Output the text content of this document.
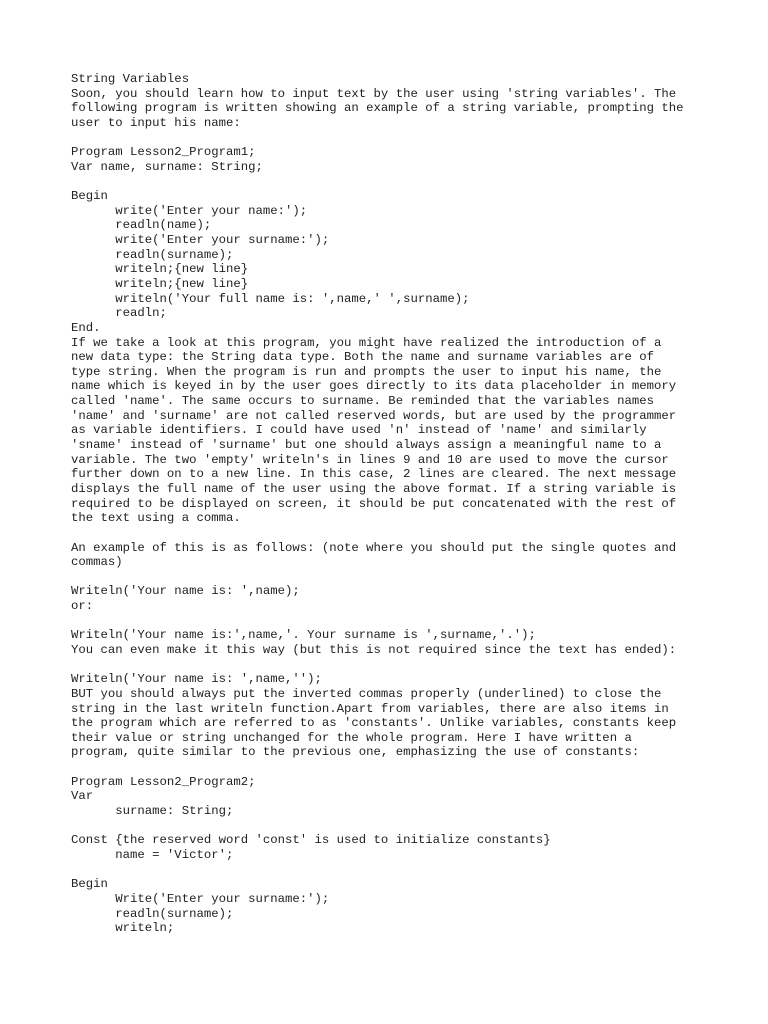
String Variables
Soon, you should learn how to input text by the user using 'string variables'. The
following program is written showing an example of a string variable, prompting the
user to input his name:
Program Lesson2_Program1;
Var name, surname: String;
Begin
write('Enter your name:');
readln(name);
write('Enter your surname:');
readln(surname);
writeln;{new line}
writeln;{new line}
writeln('Your full name is: ',name,' ',surname);
readln;
End.
If we take a look at this program, you might have realized the introduction of a
new data type: the String data type. Both the name and surname variables are of
type string. When the program is run and prompts the user to input his name, the
name which is keyed in by the user goes directly to its data placeholder in memory
called 'name'. The same occurs to surname. Be reminded that the variables names
'name' and 'surname' are not called reserved words, but are used by the programmer
as variable identifiers. I could have used 'n' instead of 'name' and similarly
'sname' instead of 'surname' but one should always assign a meaningful name to a
variable. The two 'empty' writeln's in lines 9 and 10 are used to move the cursor
further down on to a new line. In this case, 2 lines are cleared. The next message
displays the full name of the user using the above format. If a string variable is
required to be displayed on screen, it should be put concatenated with the rest of
the text using a comma.
An example of this is as follows: (note where you should put the single quotes and
commas)
Writeln('Your name is: ',name);
or:
Writeln('Your name is:',name,'. Your surname is ',surname,'.');
You can even make it this way (but this is not required since the text has ended):
Writeln('Your name is: ',name,'');
BUT you should always put the inverted commas properly (underlined) to close the
string in the last writeln function.Apart from variables, there are also items in
the program which are referred to as 'constants'. Unlike variables, constants keep
their value or string unchanged for the whole program. Here I have written a
program, quite similar to the previous one, emphasizing the use of constants:
Program Lesson2_Program2;
Var
surname: String;
Const {the reserved word 'const' is used to initialize constants}
name = 'Victor';
Begin
Write('Enter your surname:');
readln(surname);
writeln;
